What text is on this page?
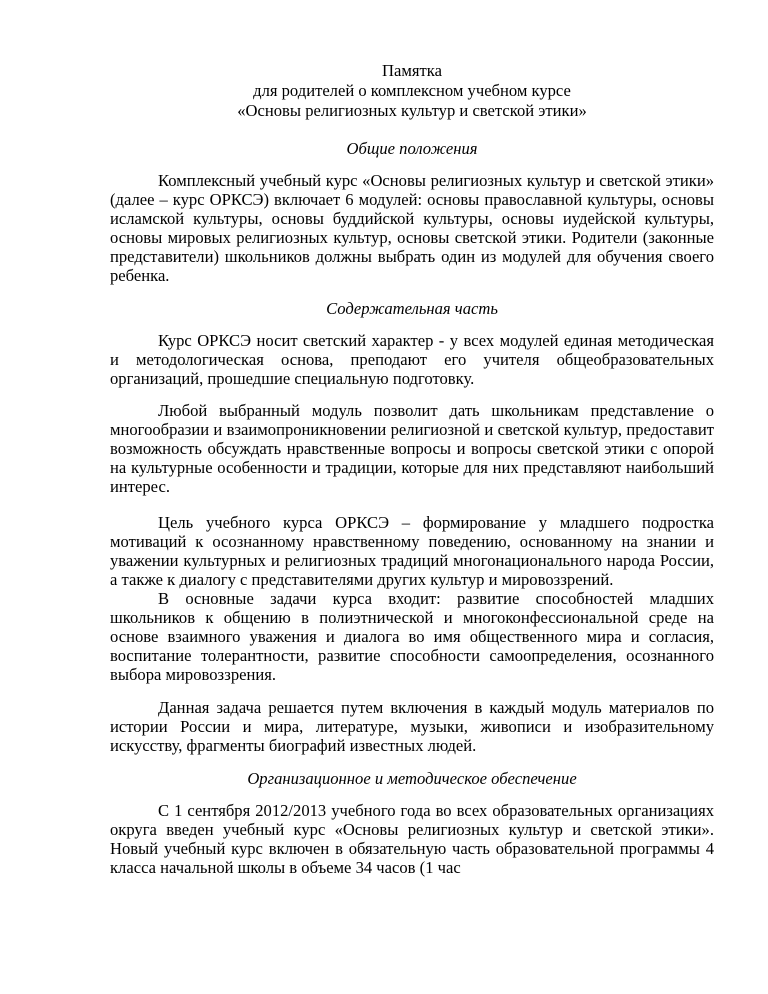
Памятка
для родителей о комплексном учебном курсе
«Основы религиозных культур и светской этики»
Общие положения

Комплексный учебный курс «Основы религиозных культур и светской этики» (далее – курс ОРКСЭ) включает 6 модулей: основы православной культуры, основы исламской культуры, основы буддийской культуры, основы иудейской культуры, основы мировых религиозных культур, основы светской этики. Родители (законные представители) школьников должны выбрать один из модулей для обучения своего ребенка.

Содержательная часть

Курс ОРКСЭ носит светский характер - у всех модулей единая методическая и методологическая основа, преподают его учителя общеобразовательных организаций, прошедшие специальную подготовку.

Любой выбранный модуль позволит дать школьникам представление о многообразии и взаимопроникновении религиозной и светской культур, предоставит возможность обсуждать нравственные вопросы и вопросы светской этики с опорой на культурные особенности и традиции, которые для них представляют наибольший интерес.

Цель учебного курса ОРКСЭ – формирование у младшего подростка мотиваций к осознанному нравственному поведению, основанному на знании и уважении культурных и религиозных традиций многонационального народа России, а также к диалогу с представителями других культур и мировоззрений.

В основные задачи курса входит: развитие способностей младших школьников к общению в полиэтнической и многоконфессиональной среде на основе взаимного уважения и диалога во имя общественного мира и согласия, воспитание толерантности, развитие способности самоопределения, осознанного выбора мировоззрения.

Данная задача решается путем включения в каждый модуль материалов по истории России и мира, литературе, музыки, живописи и изобразительному искусству, фрагменты биографий известных людей.

Организационное и методическое обеспечение

С 1 сентября 2012/2013 учебного года во всех образовательных организациях округа введен учебный курс «Основы религиозных культур и светской этики». Новый учебный курс включен в обязательную часть образовательной программы 4 класса начальной школы в объеме 34 часов (1 час
